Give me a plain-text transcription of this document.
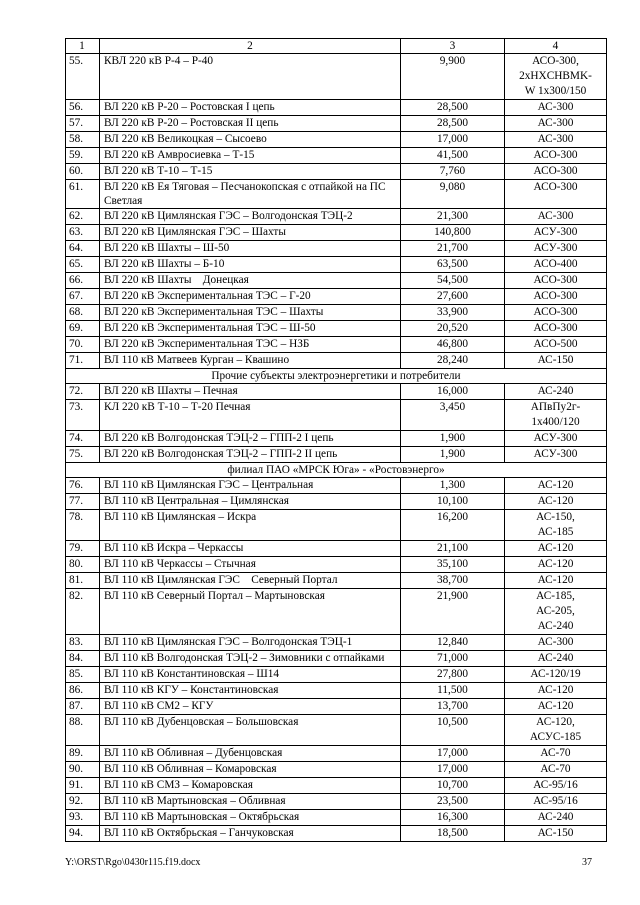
1	2	3	4
55.	КВЛ 220 кВ Р-4 – Р-40	9,900	АСО-300,
2xHXCHBMK-
W 1x300/150

56.	ВЛ 220 кВ Р-20 – Ростовская I цепь	28,500	АС-300

57.	ВЛ 220 кВ Р-20 – Ростовская II цепь	28,500	АС-300

58.	ВЛ 220 кВ Великоцкая – Сысоево	17,000	АС-300

59.	ВЛ 220 кВ Амвросиевка – Т-15	41,500	АСО-300

60.	ВЛ 220 кВ Т-10 – Т-15	7,760	АСО-300

61.	ВЛ 220 кВ Ея Тяговая – Песчанокопская с отпайкой на ПС Светлая	9,080	АСО-300

62.	ВЛ 220 кВ Цимлянская ГЭС – Волгодонская ТЭЦ-2	21,300	АС-300

63.	ВЛ 220 кВ Цимлянская ГЭС – Шахты	140,800	АСУ-300

64.	ВЛ 220 кВ Шахты – Ш-50	21,700	АСУ-300

65.	ВЛ 220 кВ Шахты – Б-10	63,500	АСО-400

66.	ВЛ 220 кВ Шахты    Донецкая	54,500	АСО-300

67.	ВЛ 220 кВ Экспериментальная ТЭС – Г-20	27,600	АСО-300

68.	ВЛ 220 кВ Экспериментальная ТЭС – Шахты	33,900	АСО-300

69.	ВЛ 220 кВ Экспериментальная ТЭС – Ш-50	20,520	АСО-300

70.	ВЛ 220 кВ Экспериментальная ТЭС – НЗБ	46,800	АСО-500

71.	ВЛ 110 кВ Матвеев Курган – Квашино	28,240	АС-150

Прочие субъекты электроэнергетики и потребители			
72.	ВЛ 220 кВ Шахты – Печная	16,000	АС-240

73.	КЛ 220 кВ Т-10 – Т-20 Печная	3,450	АПвПу2г-
1х400/120

74.	ВЛ 220 кВ Волгодонская ТЭЦ-2 – ГПП-2 I цепь	1,900	АСУ-300

75.	ВЛ 220 кВ Волгодонская ТЭЦ-2 – ГПП-2 II цепь	1,900	АСУ-300

филиал ПАО «МРСК Юга» - «Ростовэнерго»			
76.	ВЛ 110 кВ Цимлянская ГЭС – Центральная	1,300	АС-120

77.	ВЛ 110 кВ Центральная – Цимлянская	10,100	АС-120

78.	ВЛ 110 кВ Цимлянская – Искра	16,200	АС-150,
АС-185

79.	ВЛ 110 кВ Искра – Черкассы	21,100	АС-120

80.	ВЛ 110 кВ Черкассы – Стычная	35,100	АС-120

81.	ВЛ 110 кВ Цимлянская ГЭС    Северный Портал	38,700	АС-120

82.	ВЛ 110 кВ Северный Портал – Мартыновская	21,900	АС-185,
АС-205,
АС-240

83.	ВЛ 110 кВ Цимлянская ГЭС – Волгодонская ТЭЦ-1	12,840	АС-300

84.	ВЛ 110 кВ Волгодонская ТЭЦ-2 – Зимовники с отпайками	71,000	АС-240

85.	ВЛ 110 кВ Константиновская – Ш14	27,800	АС-120/19

86.	ВЛ 110 кВ КГУ – Константиновская	11,500	АС-120

87.	ВЛ 110 кВ СМ2 – КГУ	13,700	АС-120

88.	ВЛ 110 кВ Дубенцовская – Большовская	10,500	АС-120,
АСУС-185

89.	ВЛ 110 кВ Обливная – Дубенцовская	17,000	АС-70

90.	ВЛ 110 кВ Обливная – Комаровская	17,000	АС-70

91.	ВЛ 110 кВ СМЗ – Комаровская	10,700	АС-95/16

92.	ВЛ 110 кВ Мартыновская – Обливная	23,500	АС-95/16

93.	ВЛ 110 кВ Мартыновская – Октябрьская	16,300	АС-240

94.	ВЛ 110 кВ Октябрьская – Ганчуковская	18,500	АС-150
Y:\ORST\Rgo\0430r115.f19.docx	37
